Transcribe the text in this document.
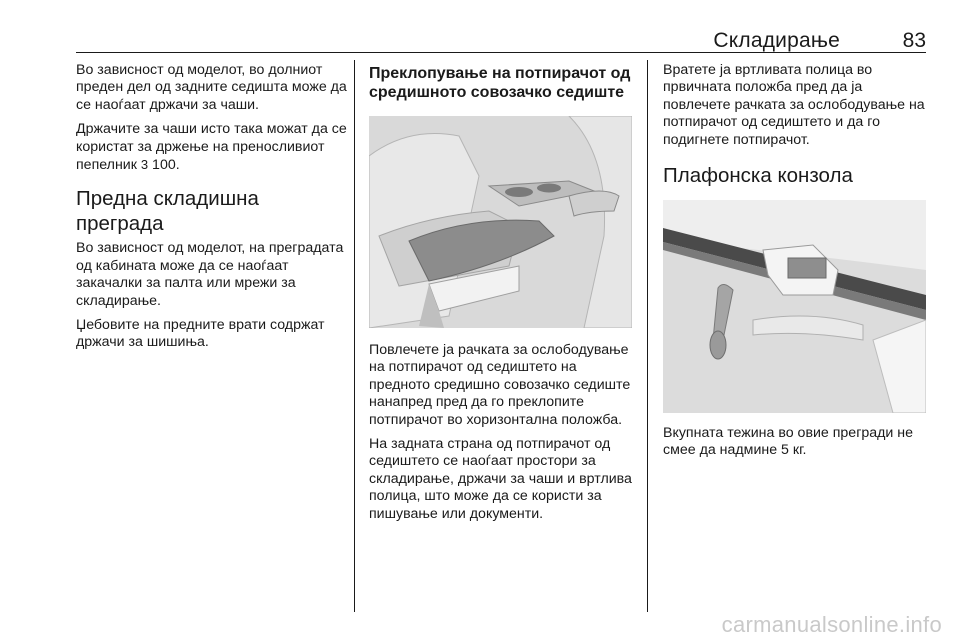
Складирање	83

Во зависност од моделот, во долниот преден дел од задните седишта може да се наоѓаат држачи за чаши.

Држачите за чаши исто така можат да се користат за држење на преносливиот пепелник 3 100.

Предна складишна преграда

Во зависност од моделот, на преградата од кабината може да се наоѓаат закачалки за палта или мрежи за складирање.

Џебовите на предните врати содржат држачи за шишиња.

Преклопување на потпирачот од средишното совозачко седиште

Повлечете ја рачката за ослободување на потпирачот од седиштето на предното средишно совозачко седиште нанапред пред да го преклопите потпирачот во хоризонтална положба.

На задната страна од потпирачот од седиштето се наоѓаат простори за складирање, држачи за чаши и вртлива полица, што може да се користи за пишување или документи.

Вратете ја вртливата полица во првичната положба пред да ја повлечете рачката за ослободување на потпирачот од седиштето и да го подигнете потпирачот.

Плафонска конзола

Вкупната тежина во овие прегради не смее да надмине 5 кг.

carmanualsonline.info
